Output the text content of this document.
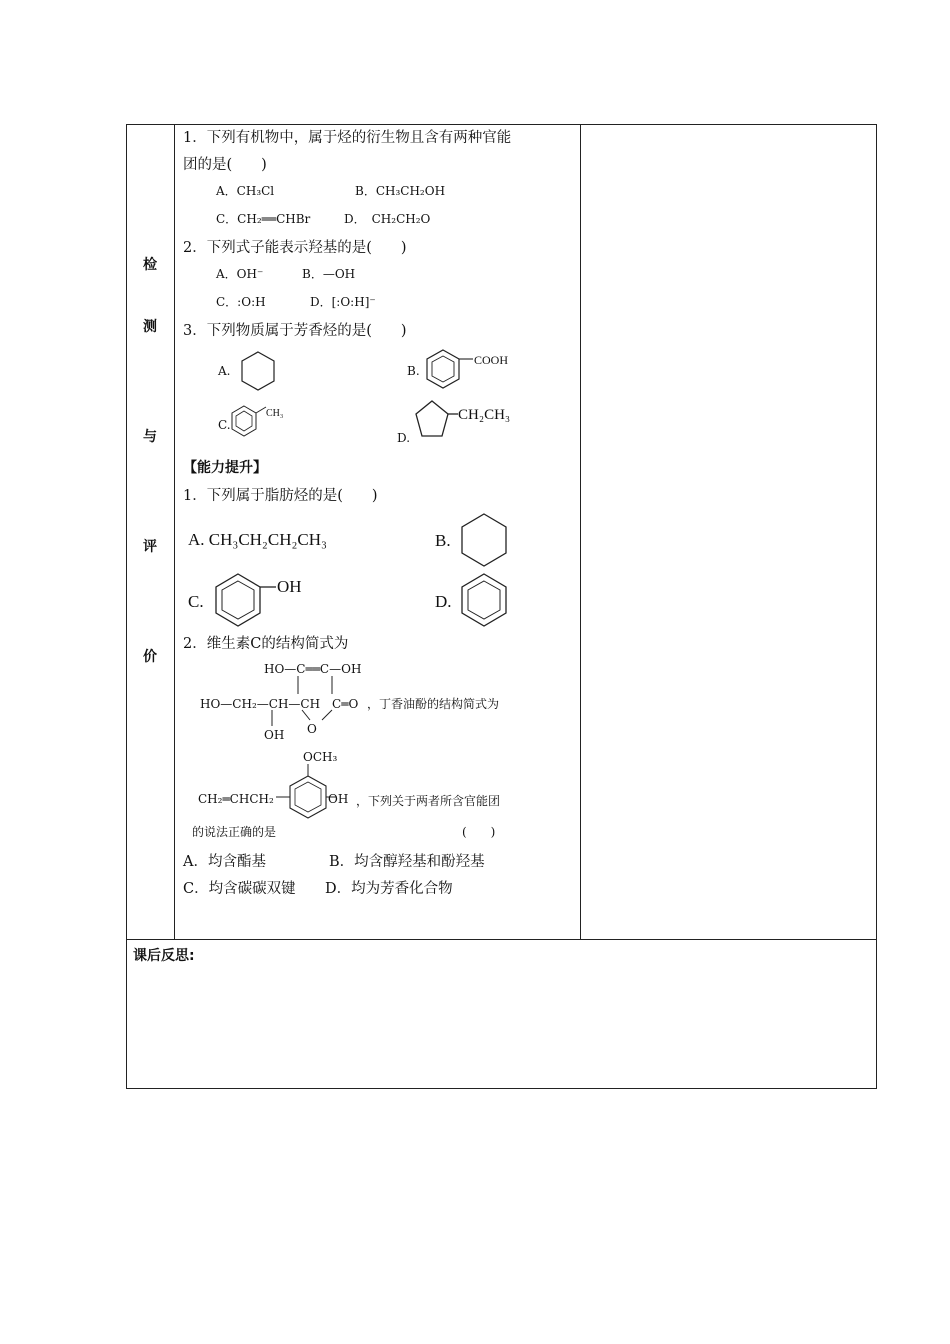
检
测
与
评
价
1．下列有机物中，属于烃的衍生物且含有两种官能
团的是(　　)
A．CH₃Cl	B．CH₃CH₂OH
C．CH₂══CHBr	D．　CH₂CH₂O
2．下列式子能表示羟基的是(　　)
A．OH⁻	B．—OH
C．:O:H	D．[:O:H]⁻
3．下列物质属于芳香烃的是(　　)
A.	B.
COOH
C.
CH₃
D.
CH₂CH₃
【能力提升】
1．下列属于脂肪烃的是(　　)
A. CH₃CH₂CH₂CH₃	B.
C.
OH
D.
2．维生素C的结构简式为
HO—C══C—OH
HO—CH₂—CH—CH　C═O
OH O
，丁香油酚的结构简式为
OCH₃
CH₂═CHCH₂	OH ，下列关于两者所含官能团
的说法正确的是	(　　)
A．均含酯基	B．均含醇羟基和酚羟基
C．均含碳碳双键 D．均为芳香化合物
课后反思:
